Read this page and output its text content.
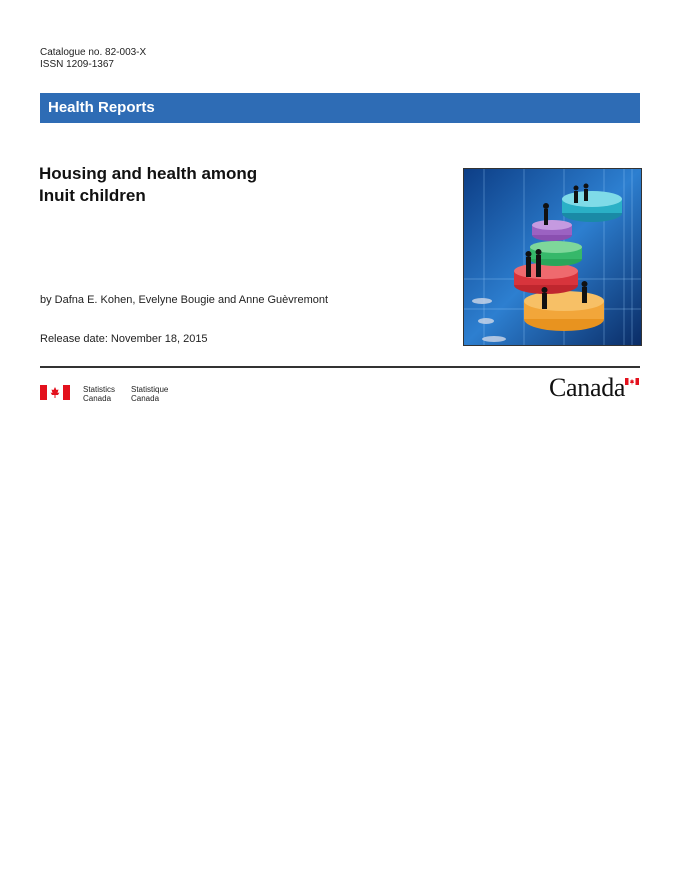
Catalogue no. 82-003-X
ISSN 1209-1367
Health Reports
Housing and health among
Inuit children
by Dafna E. Kohen, Evelyne Bougie and Anne Guèvremont
Release date: November 18, 2015
Statistics
Canada
Statistique
Canada	Canada
